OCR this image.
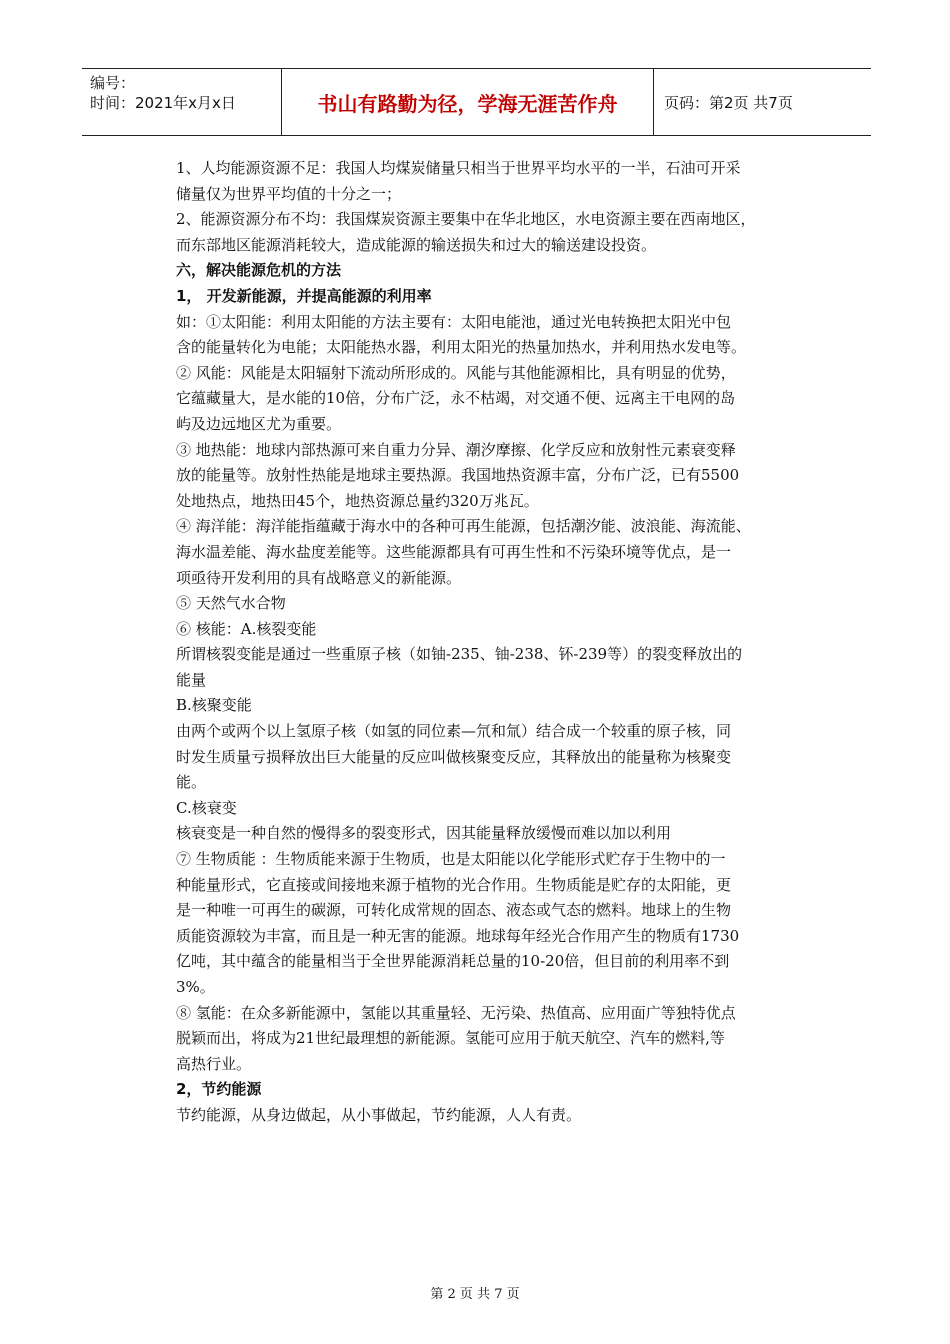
编号：
时间：2021年x月x日	书山有路勤为径，学海无涯苦作舟	页码：第2页 共7页

1、人均能源资源不足：我国人均煤炭储量只相当于世界平均水平的一半，石油可开采

储量仅为世界平均值的十分之一；

2、能源资源分布不均：我国煤炭资源主要集中在华北地区，水电资源主要在西南地区，

而东部地区能源消耗较大，造成能源的输送损失和过大的输送建设投资。

六，解决能源危机的方法

1， 开发新能源，并提高能源的利用率

如：①太阳能：利用太阳能的方法主要有：太阳电能池，通过光电转换把太阳光中包

含的能量转化为电能；太阳能热水器，利用太阳光的热量加热水，并利用热水发电等。

② 风能：风能是太阳辐射下流动所形成的。风能与其他能源相比，具有明显的优势，

它蕴藏量大，是水能的10倍，分布广泛，永不枯竭，对交通不便、远离主干电网的岛

屿及边远地区尤为重要。

③ 地热能：地球内部热源可来自重力分异、潮汐摩擦、化学反应和放射性元素衰变释

放的能量等。放射性热能是地球主要热源。我国地热资源丰富，分布广泛，已有5500

处地热点，地热田45个，地热资源总量约320万兆瓦。

④ 海洋能：海洋能指蕴藏于海水中的各种可再生能源，包括潮汐能、波浪能、海流能、

海水温差能、海水盐度差能等。这些能源都具有可再生性和不污染环境等优点，是一

项亟待开发利用的具有战略意义的新能源。

⑤ 天然气水合物

⑥ 核能：A.核裂变能

所谓核裂变能是通过一些重原子核（如铀-235、铀-238、钚-239等）的裂变释放出的

能量

B.核聚变能

由两个或两个以上氢原子核（如氢的同位素—氘和氚）结合成一个较重的原子核，同

时发生质量亏损释放出巨大能量的反应叫做核聚变反应，其释放出的能量称为核聚变

能。

C.核衰变

核衰变是一种自然的慢得多的裂变形式，因其能量释放缓慢而难以加以利用

⑦ 生物质能 ：生物质能来源于生物质，也是太阳能以化学能形式贮存于生物中的一

种能量形式，它直接或间接地来源于植物的光合作用。生物质能是贮存的太阳能，更

是一种唯一可再生的碳源，可转化成常规的固态、液态或气态的燃料。地球上的生物

质能资源较为丰富，而且是一种无害的能源。地球每年经光合作用产生的物质有1730

亿吨，其中蕴含的能量相当于全世界能源消耗总量的10-20倍，但目前的利用率不到

3%。

⑧ 氢能：在众多新能源中，氢能以其重量轻、无污染、热值高、应用面广等独特优点

脱颖而出，将成为21世纪最理想的新能源。氢能可应用于航天航空、汽车的燃料,等

高热行业。

2，节约能源

节约能源，从身边做起，从小事做起，节约能源，人人有责。

第 2 页 共 7 页
